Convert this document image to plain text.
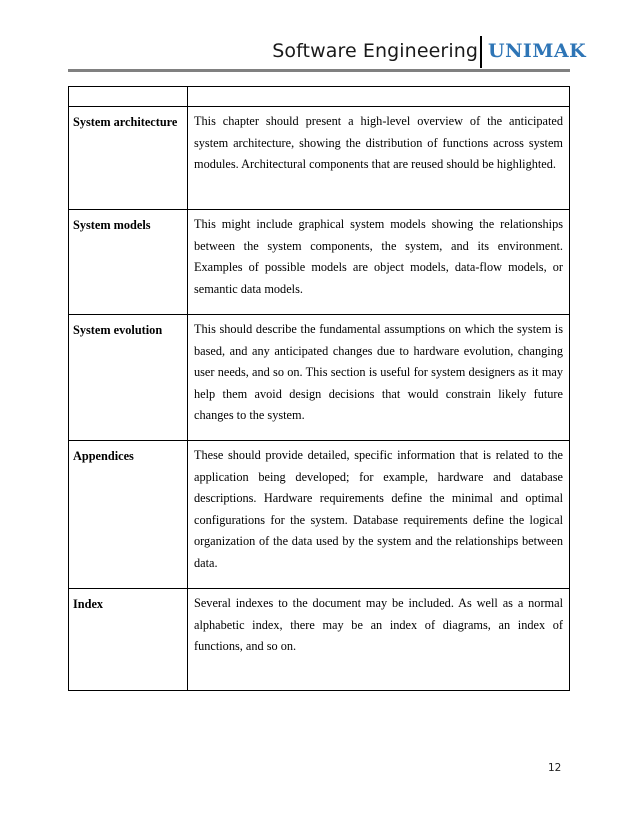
Software Engineering UNIMAK

System architecture	This chapter should present a high-level overview of the anticipated system architecture, showing the distribution of functions across system modules. Architectural components that are reused should be highlighted.
System models	This might include graphical system models showing the relationships between the system components, the system, and its environment. Examples of possible models are object models, data-flow models, or semantic data models.
System evolution	This should describe the fundamental assumptions on which the system is based, and any anticipated changes due to hardware evolution, changing user needs, and so on. This section is useful for system designers as it may help them avoid design decisions that would constrain likely future changes to the system.
Appendices	These should provide detailed, specific information that is related to the application being developed; for example, hardware and database descriptions. Hardware requirements define the minimal and optimal configurations for the system. Database requirements define the logical organization of the data used by the system and the relationships between data.
Index	Several indexes to the document may be included. As well as a normal alphabetic index, there may be an index of diagrams, an index of functions, and so on.
12
